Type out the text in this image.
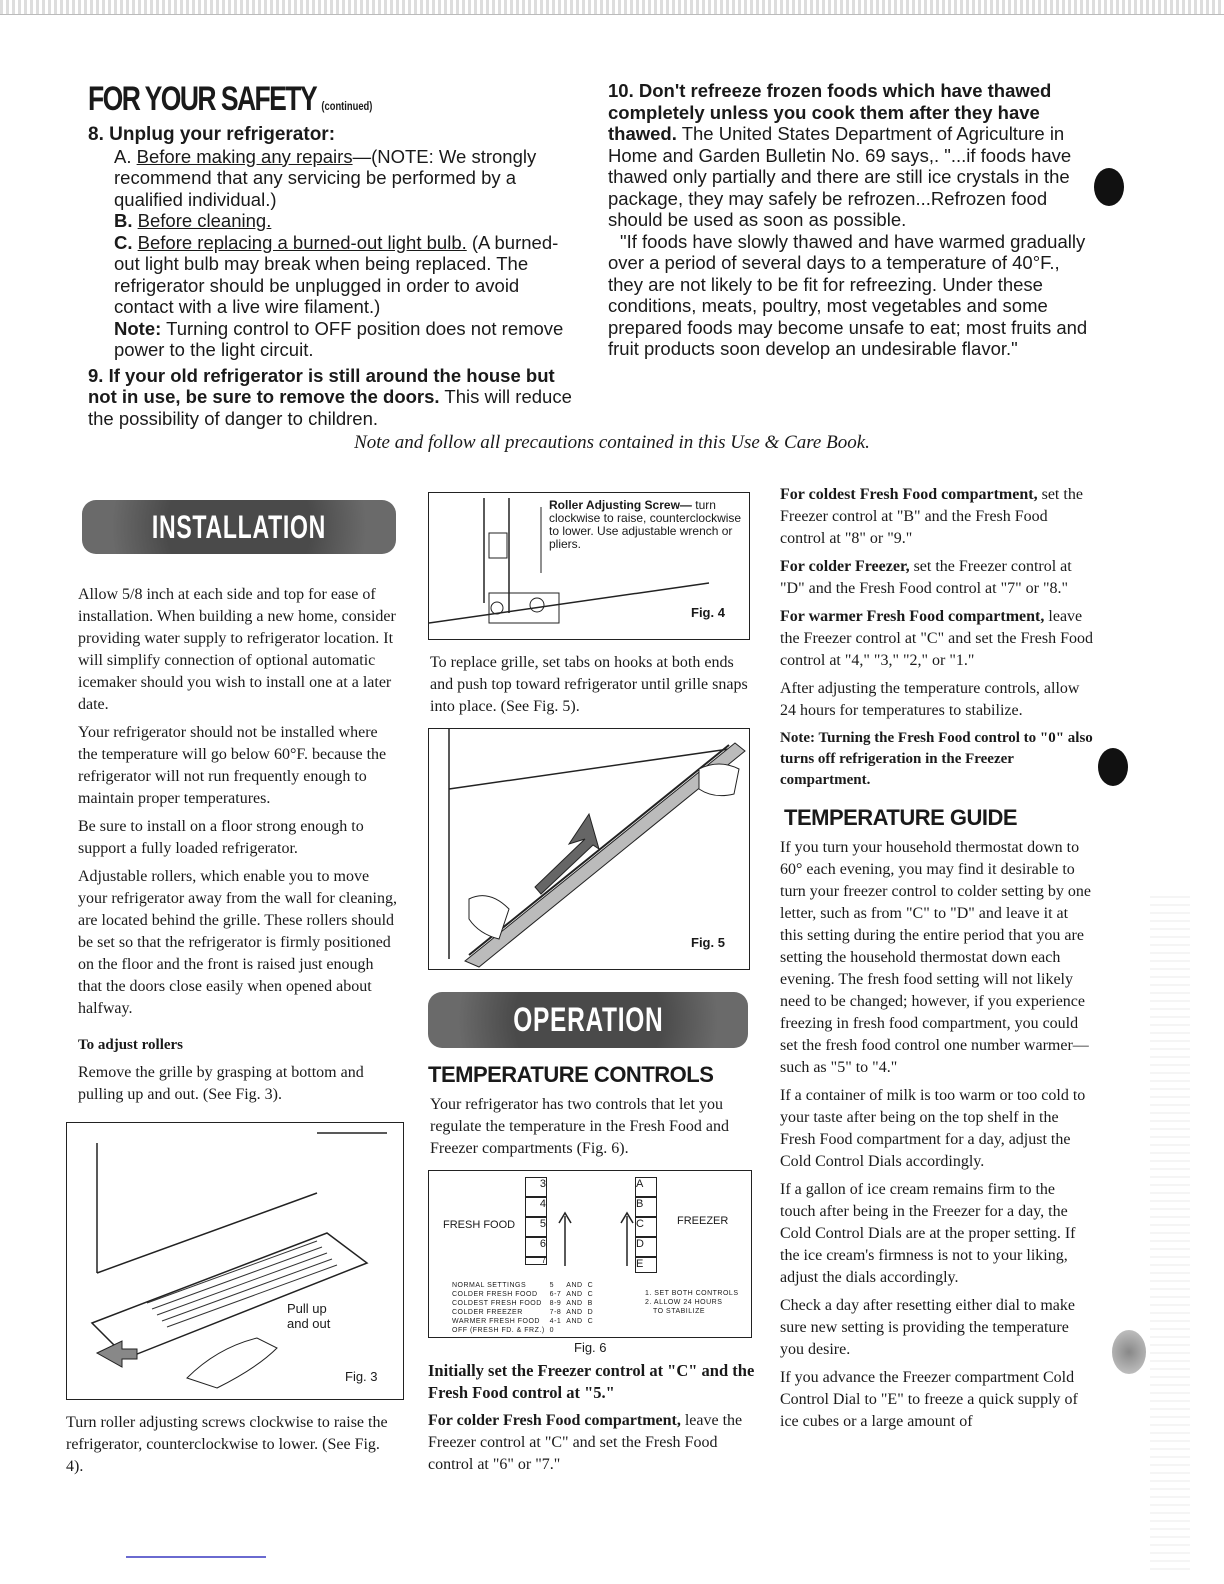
FOR YOUR SAFETY (continued)

8. Unplug your refrigerator:

A. Before making any repairs—(NOTE: We strongly recommend that any servicing be performed by a qualified individual.)

B. Before cleaning.

C. Before replacing a burned-out light bulb. (A burned-out light bulb may break when being replaced. The refrigerator should be unplugged in order to avoid contact with a live wire filament.)

Note: Turning control to OFF position does not remove power to the light circuit.

9. If your old refrigerator is still around the house but not in use, be sure to remove the doors. This will reduce the possibility of danger to children.

10. Don't refreeze frozen foods which have thawed completely unless you cook them after they have thawed. The United States Department of Agriculture in Home and Garden Bulletin No. 69 says,. "...if foods have thawed only partially and there are still ice crystals in the package, they may safely be refrozen...Refrozen food should be used as soon as possible.

"If foods have slowly thawed and have warmed gradually over a period of several days to a temperature of 40°F., they are not likely to be fit for refreezing. Under these conditions, meats, poultry, most vegetables and some prepared foods may become unsafe to eat; most fruits and fruit products soon develop an undesirable flavor."

Note and follow all precautions contained in this Use & Care Book.
INSTALLATION

Allow 5/8 inch at each side and top for ease of installation. When building a new home, consider providing water supply to refrigerator location. It will simplify connection of optional automatic icemaker should you wish to install one at a later date.

Your refrigerator should not be installed where the temperature will go below 60°F. because the refrigerator will not run frequently enough to maintain proper temperatures.

Be sure to install on a floor strong enough to support a fully loaded refrigerator.

Adjustable rollers, which enable you to move your refrigerator away from the wall for cleaning, are located behind the grille. These rollers should be set so that the refrigerator is firmly positioned on the floor and the front is raised just enough that the doors close easily when opened about halfway.

To adjust rollers

Remove the grille by grasping at bottom and pulling up and out. (See Fig. 3).

Pull up and out
Fig. 3

Turn roller adjusting screws clockwise to raise the refrigerator, counterclockwise to lower. (See Fig. 4).

Roller Adjusting Screw— turn clockwise to raise, counterclockwise to lower. Use adjustable wrench or pliers.
Fig. 4

To replace grille, set tabs on hooks at both ends and push top toward refrigerator until grille snaps into place. (See Fig. 5).

Fig. 5
OPERATION
TEMPERATURE CONTROLS

Your refrigerator has two controls that let you regulate the temperature in the Fresh Food and Freezer compartments (Fig. 6).

FRESH FOOD
3
4
5
6
7
A
B
C
D
E
FREEZER
NORMAL SETTINGS	5	AND	C
COLDER FRESH FOOD	6-7	AND	C
COLDEST FRESH FOOD	8-9	AND	B
COLDER FREEZER	7-8	AND	D
WARMER FRESH FOOD	4-1	AND	C
OFF (FRESH FD. & FRZ.)	0		
1. SET BOTH CONTROLS
2. ALLOW 24 HOURS
TO STABILIZE
Fig. 6

Initially set the Freezer control at "C" and the Fresh Food control at "5."

For colder Fresh Food compartment, leave the Freezer control at "C" and set the Fresh Food control at "6" or "7."

For coldest Fresh Food compartment, set the Freezer control at "B" and the Fresh Food control at "8" or "9."

For colder Freezer, set the Freezer control at "D" and the Fresh Food control at "7" or "8."

For warmer Fresh Food compartment, leave the Freezer control at "C" and set the Fresh Food control at "4," "3," "2," or "1."

After adjusting the temperature controls, allow 24 hours for temperatures to stabilize.

Note: Turning the Fresh Food control to "0" also turns off refrigeration in the Freezer compartment.

TEMPERATURE GUIDE

If you turn your household thermostat down to 60° each evening, you may find it desirable to turn your freezer control to colder setting by one letter, such as from "C" to "D" and leave it at this setting during the entire period that you are setting the household thermostat down each evening. The fresh food setting will not likely need to be changed; however, if you experience freezing in fresh food compartment, you could set the fresh food control one number warmer—such as "5" to "4."

If a container of milk is too warm or too cold to your taste after being on the top shelf in the Fresh Food compartment for a day, adjust the Cold Control Dials accordingly.

If a gallon of ice cream remains firm to the touch after being in the Freezer for a day, the Cold Control Dials are at the proper setting. If the ice cream's firmness is not to your liking, adjust the dials accordingly.

Check a day after resetting either dial to make sure new setting is providing the temperature you desire.

If you advance the Freezer compartment Cold Control Dial to "E" to freeze a quick supply of ice cubes or a large amount of
